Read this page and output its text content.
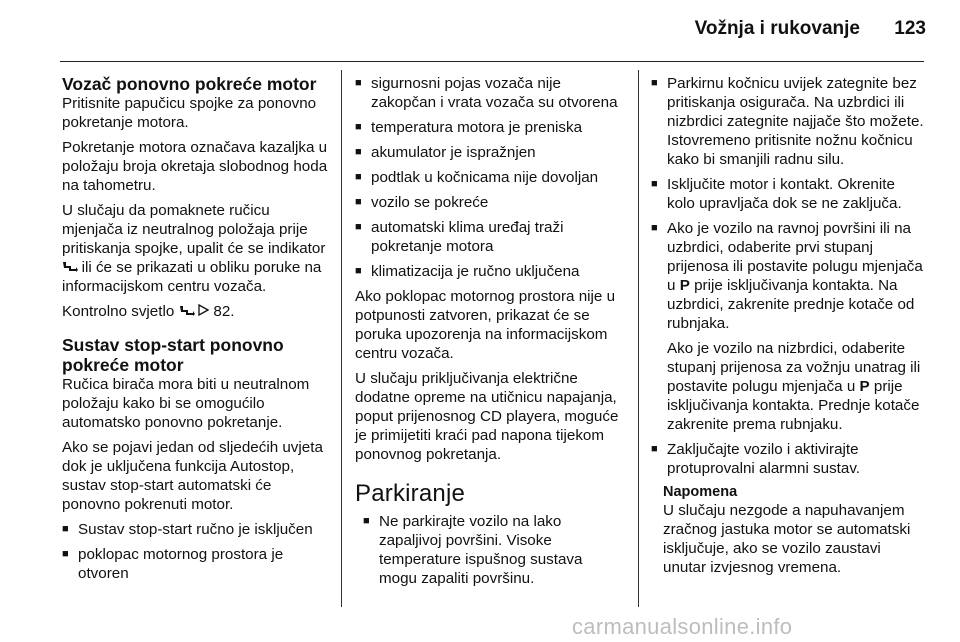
Vožnja i rukovanje	123
Vozač ponovno pokreće motor

Pritisnite papučicu spojke za ponovno pokretanje motora.

Pokretanje motora označava kazaljka u položaju broja okretaja slobodnog hoda na tahometru.

U slučaju da pomaknete ručicu mjenjača iz neutralnog položaja prije pritiskanja spojke, upalit će se indikator  ili će se prikazati u obliku poruke na informacijskom centru vozača.

Kontrolno svjetlo	82.

Sustav stop-start ponovno pokreće motor

Ručica birača mora biti u neutralnom položaju kako bi se omogućilo automatsko ponovno pokretanje.

Ako se pojavi jedan od sljedećih uvjeta dok je uključena funkcija Autostop, sustav stop-start automatski će ponovno pokrenuti motor.

■ Sustav stop-start ručno je isključen
■ poklopac motornog prostora je otvoren
■ sigurnosni pojas vozača nije zakopčan i vrata vozača su otvorena
■ temperatura motora je preniska
■ akumulator je ispražnjen
■ podtlak u kočnicama nije dovoljan
■ vozilo se pokreće
■ automatski klima uređaj traži pokretanje motora
■ klimatizacija je ručno uključena

Ako poklopac motornog prostora nije u potpunosti zatvoren, prikazat će se poruka upozorenja na informacijskom centru vozača.

U slučaju priključivanja električne dodatne opreme na utičnicu napajanja, poput prijenosnog CD playera, moguće je primijetiti kraći pad napona tijekom ponovnog pokretanja.

Parkiranje
■ Ne parkirajte vozilo na lako zapaljivoj površini. Visoke temperature ispušnog sustava mogu zapaliti površinu.
■ Parkirnu kočnicu uvijek zategnite bez pritiskanja osigurača. Na uzbrdici ili nizbrdici zategnite najjače što možete. Istovremeno pritisnite nožnu kočnicu kako bi smanjili radnu silu.
■ Isključite motor i kontakt. Okrenite kolo upravljača dok se ne zaključa.
■ Ako je vozilo na ravnoj površini ili na uzbrdici, odaberite prvi stupanj prijenosa ili postavite polugu mjenjača u P prije isključivanja kontakta. Na uzbrdici, zakrenite prednje kotače od rubnjaka.

Ako je vozilo na nizbrdici, odaberite stupanj prijenosa za vožnju unatrag ili postavite polugu mjenjača u P prije isključivanja kontakta. Prednje kotače zakrenite prema rubnjaku.

■ Zaključajte vozilo i aktivirajte protuprovalni alarmni sustav.
Napomena
U slučaju nezgode a napuhavanjem zračnog jastuka motor se automatski isključuje, ako se vozilo zaustavi unutar izvjesnog vremena.
carmanualsonline.info
